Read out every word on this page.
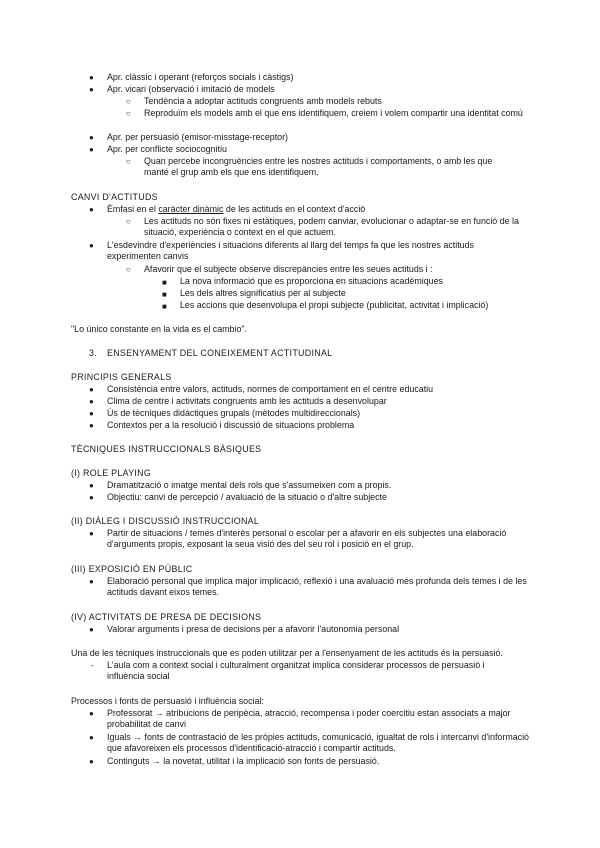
● Apr. clàssic i operant (reforços socials i càstigs)
● Apr. vicari (observació i imitació de models
○ Tendència a adoptar actituds congruents amb models rebuts
○ Reproduïm els models amb el que ens identifiquem, creiem i volem compartir una identitat comú
● Apr. per persuasió (emisor-misstage-receptor)
● Apr. per conflicte sociocognitiu
○ Quan percebe incongruències entre les nostres actituds i comportaments, o amb les que manté el grup amb els que ens identifiquem.
CANVI D'ACTITUDS
● Èmfasi en el caràcter dinàmic de les actituds en el context d'acció
○ Les actituds no són fixes ni estàtiques, podem canviar, evolucionar o adaptar-se en funció de la situació, experiència o context en el que actuem.
● L'esdevindre d'experiències i situacions diferents al llarg del temps fa que les nostres actituds experimenten canvis
○ Afavorir que el subjecte observe discrepàncies entre les seues actituds i :
■ La nova informació que es proporciona en situacions acadèmiques
■ Les dels altres significatius per al subjecte
■ Les accions que desenvolupa el propi subjecte (publicitat, activitat i implicació)
"Lo único constante en la vida es el cambio".
3. ENSENYAMENT DEL CONEIXEMENT ACTITUDINAL
PRINCIPIS GENERALS
● Consistència entre valors, actituds, normes de comportament en el centre educatiu
● Clima de centre i activitats congruents amb les actituds a desenvolupar
● Ús de tècniques didàctiques grupals (mètodes multidireccionals)
● Contextos per a la resolució i discussió de situacions problema
TÈCNIQUES INSTRUCCIONALS BÀSIQUES
(I) ROLE PLAYING
● Dramatització o imatge mental dels rols que s'assumeixen com a propis.
● Objectiu: canvi de percepció / avaluació de la situació o d'altre subjecte
(II) DIÀLEG I DISCUSSIÓ INSTRUCCIONAL
● Partir de situacions / temes d'interès personal o escolar per a afavorir en els subjectes una elaboració d'arguments propis, exposant la seua visió des del seu rol i posició en el grup.
(III) EXPOSICIÓ EN PÚBLIC
● Elaboració personal que implica major implicació, reflexió i una avaluació més profunda dels temes i de les actituds davant eixos temes.
(IV) ACTIVITATS DE PRESA DE DECISIONS
● Valorar arguments i presa de decisions per a afavorir l'autonomia personal
Una de les tècniques instruccionals que es poden utilitzar per a l'ensenyament de les actituds és la persuasió.
- L'aula com a context social i culturalment organitzat implica considerar processos de persuasió i influència social
Processos i fonts de persuasió i influència social:
● Professorat → atribucions de peripècia, atracció, recompensa i poder coercitiu estan associats a major probabilitat de canvi
● Iguals → fonts de contrastació de les pròpies actituds, comunicació, igualtat de rols i intercanvi d'informació que afavoreixen els processos d'identificació-atracció i compartir actituds.
● Continguts → la novetat, utilitat i la implicació son fonts de persuasió.
